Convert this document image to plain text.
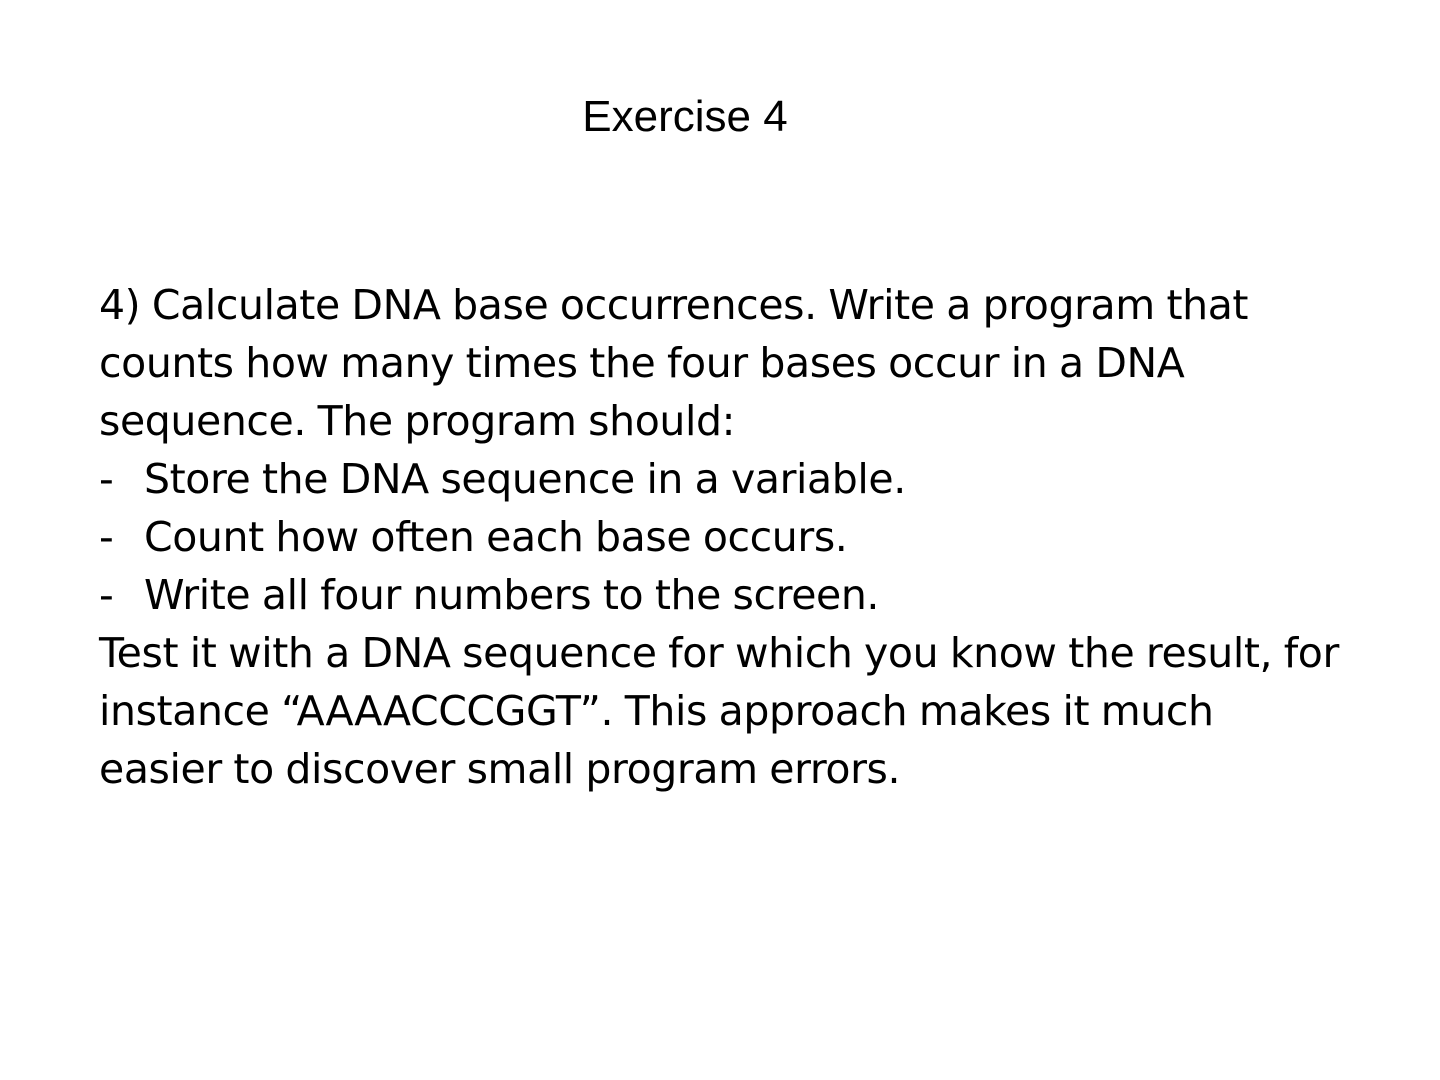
Exercise 4

4) Calculate DNA base occurrences. Write a program that counts how many times the four bases occur in a DNA sequence. The program should:

- Store the DNA sequence in a variable.
- Count how often each base occurs.
- Write all four numbers to the screen.

Test it with a DNA sequence for which you know the result, for instance “AAAACCCGGT”. This approach makes it much easier to discover small program errors.
